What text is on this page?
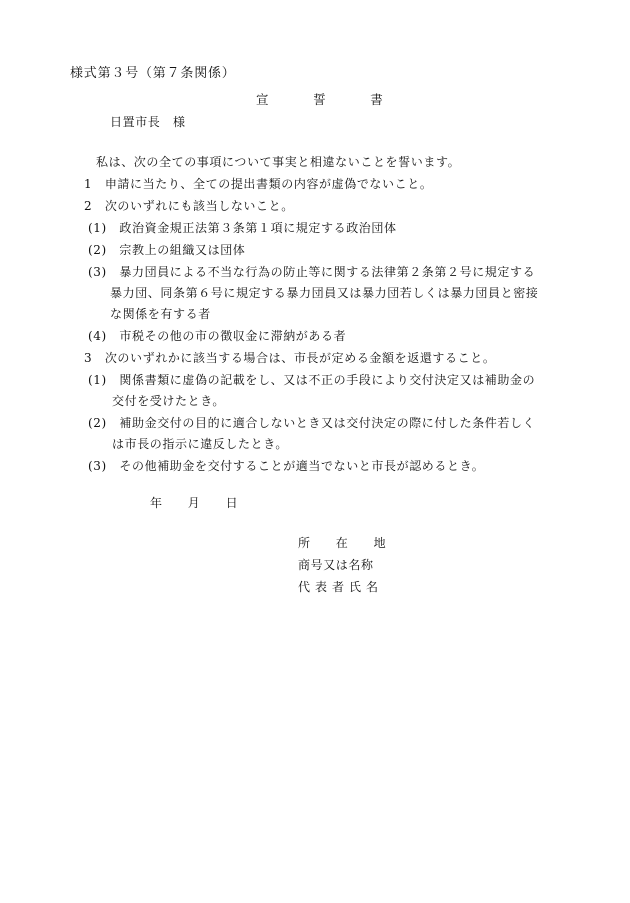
様式第３号（第７条関係）
宣	誓	書
日置市長　様
私は、次の全ての事項について事実と相違ないことを誓います。
1　申請に当たり、全ての提出書類の内容が虚偽でないこと。
2　次のいずれにも該当しないこと。
(1)　政治資金規正法第３条第１項に規定する政治団体
(2)　宗教上の組織又は団体
(3)　暴力団員による不当な行為の防止等に関する法律第２条第２号に規定する
暴力団、同条第６号に規定する暴力団員又は暴力団若しくは暴力団員と密接
な関係を有する者
(4)　市税その他の市の徴収金に滞納がある者
3　次のいずれかに該当する場合は、市長が定める金額を返還すること。
(1)　関係書類に虚偽の記載をし、又は不正の手段により交付決定又は補助金の
交付を受けたとき。
(2)　補助金交付の目的に適合しないとき又は交付決定の際に付した条件若しく
は市長の指示に違反したとき。
(3)　その他補助金を交付することが適当でないと市長が認めるとき。
年　　月　　日
所　　在　　地
商号又は名称
代 表 者 氏 名
